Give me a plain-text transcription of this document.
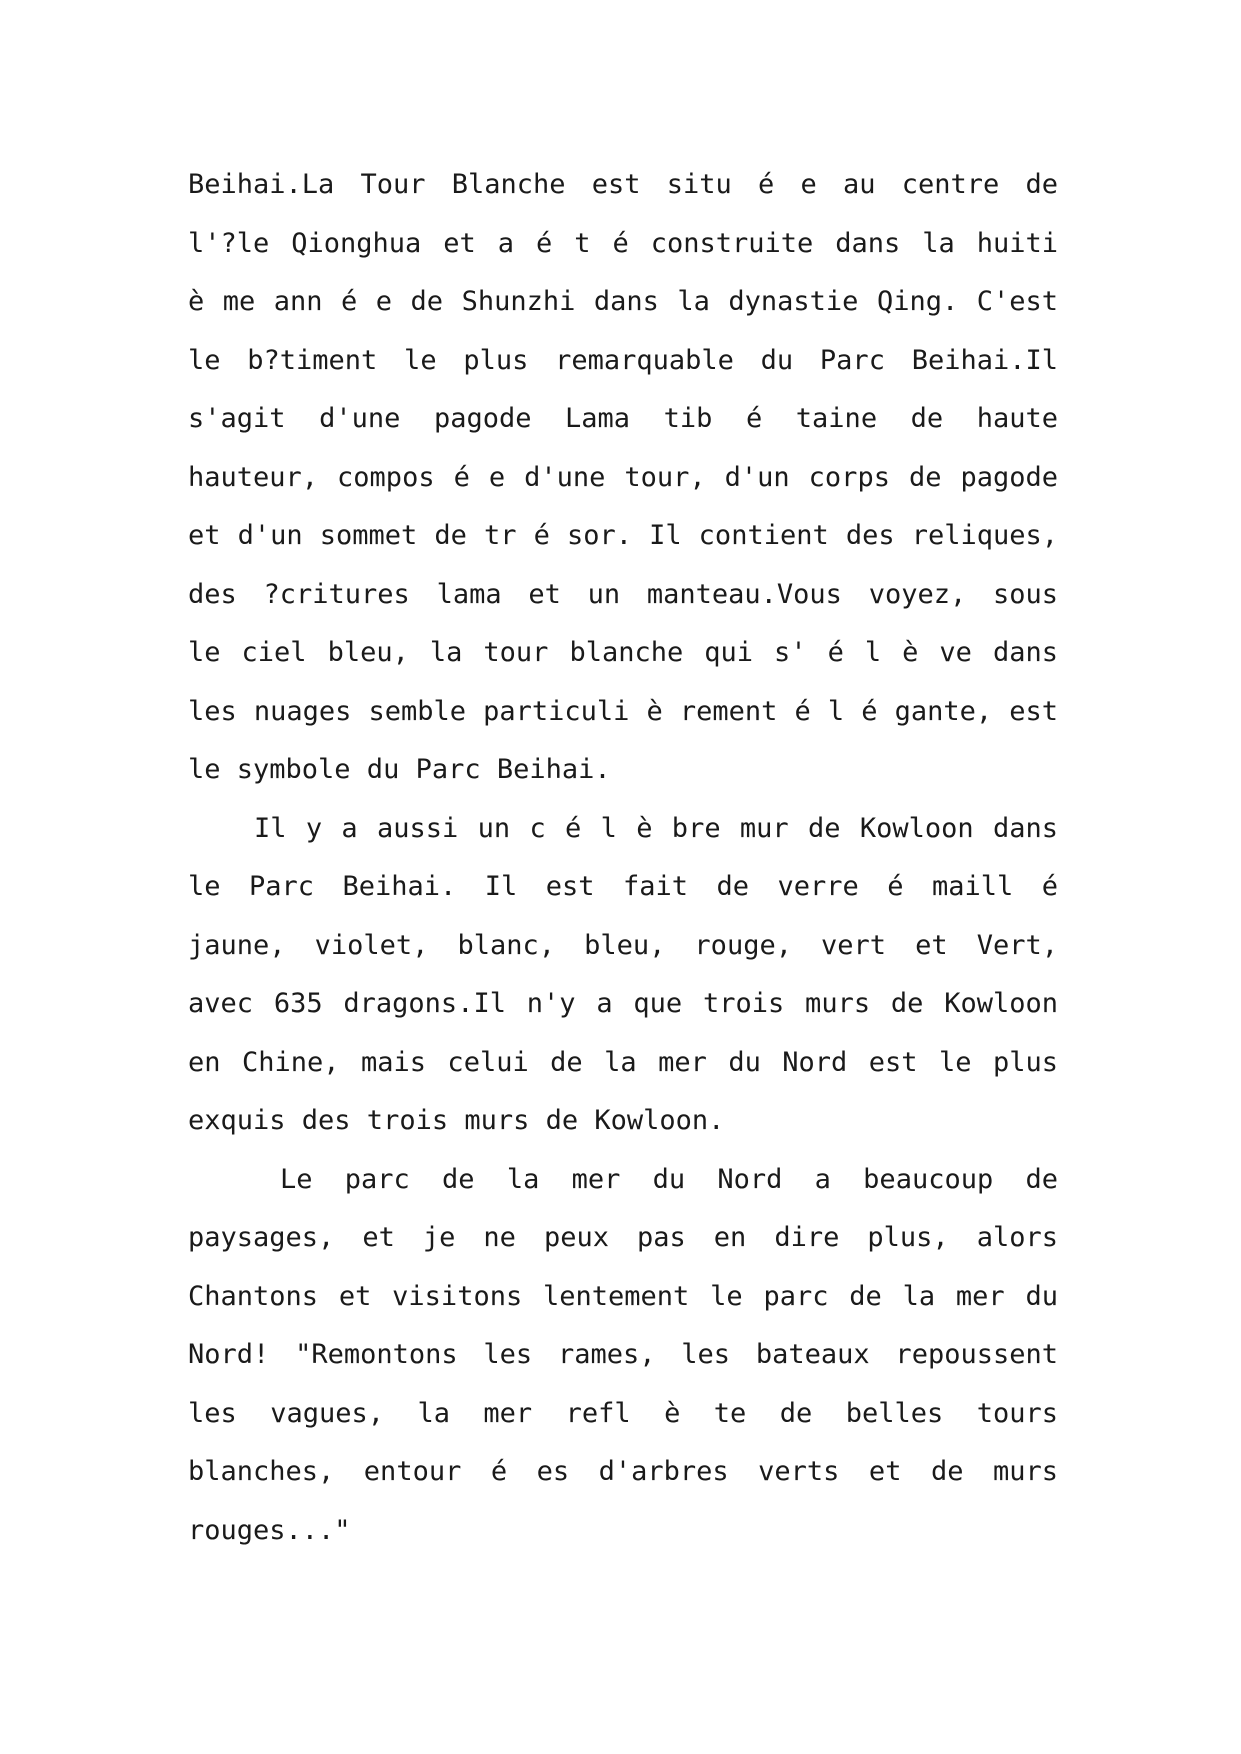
Beihai.La Tour Blanche est situ é e au centre de
l'?le Qionghua et a é t é construite dans la huiti
è me ann é e de Shunzhi dans la dynastie Qing. C'est
le b?timent le plus remarquable du Parc Beihai.Il
s'agit d'une pagode Lama tib é taine de haute
hauteur, compos é e d'une tour, d'un corps de pagode
et d'un sommet de tr é sor. Il contient des reliques,
des ?critures lama et un manteau.Vous voyez, sous
le ciel bleu, la tour blanche qui s' é l è ve dans
les nuages semble particuli è rement é l é gante, est
le symbole du Parc Beihai.
Il y a aussi un c é l è bre mur de Kowloon dans
le Parc Beihai. Il est fait de verre é maill é
jaune, violet, blanc, bleu, rouge, vert et Vert,
avec 635 dragons.Il n'y a que trois murs de Kowloon
en Chine, mais celui de la mer du Nord est le plus
exquis des trois murs de Kowloon.
Le parc de la mer du Nord a beaucoup de
paysages, et je ne peux pas en dire plus, alors
Chantons et visitons lentement le parc de la mer du
Nord! "Remontons les rames, les bateaux repoussent
les vagues, la mer refl è te de belles tours
blanches, entour é es d'arbres verts et de murs
rouges..."
